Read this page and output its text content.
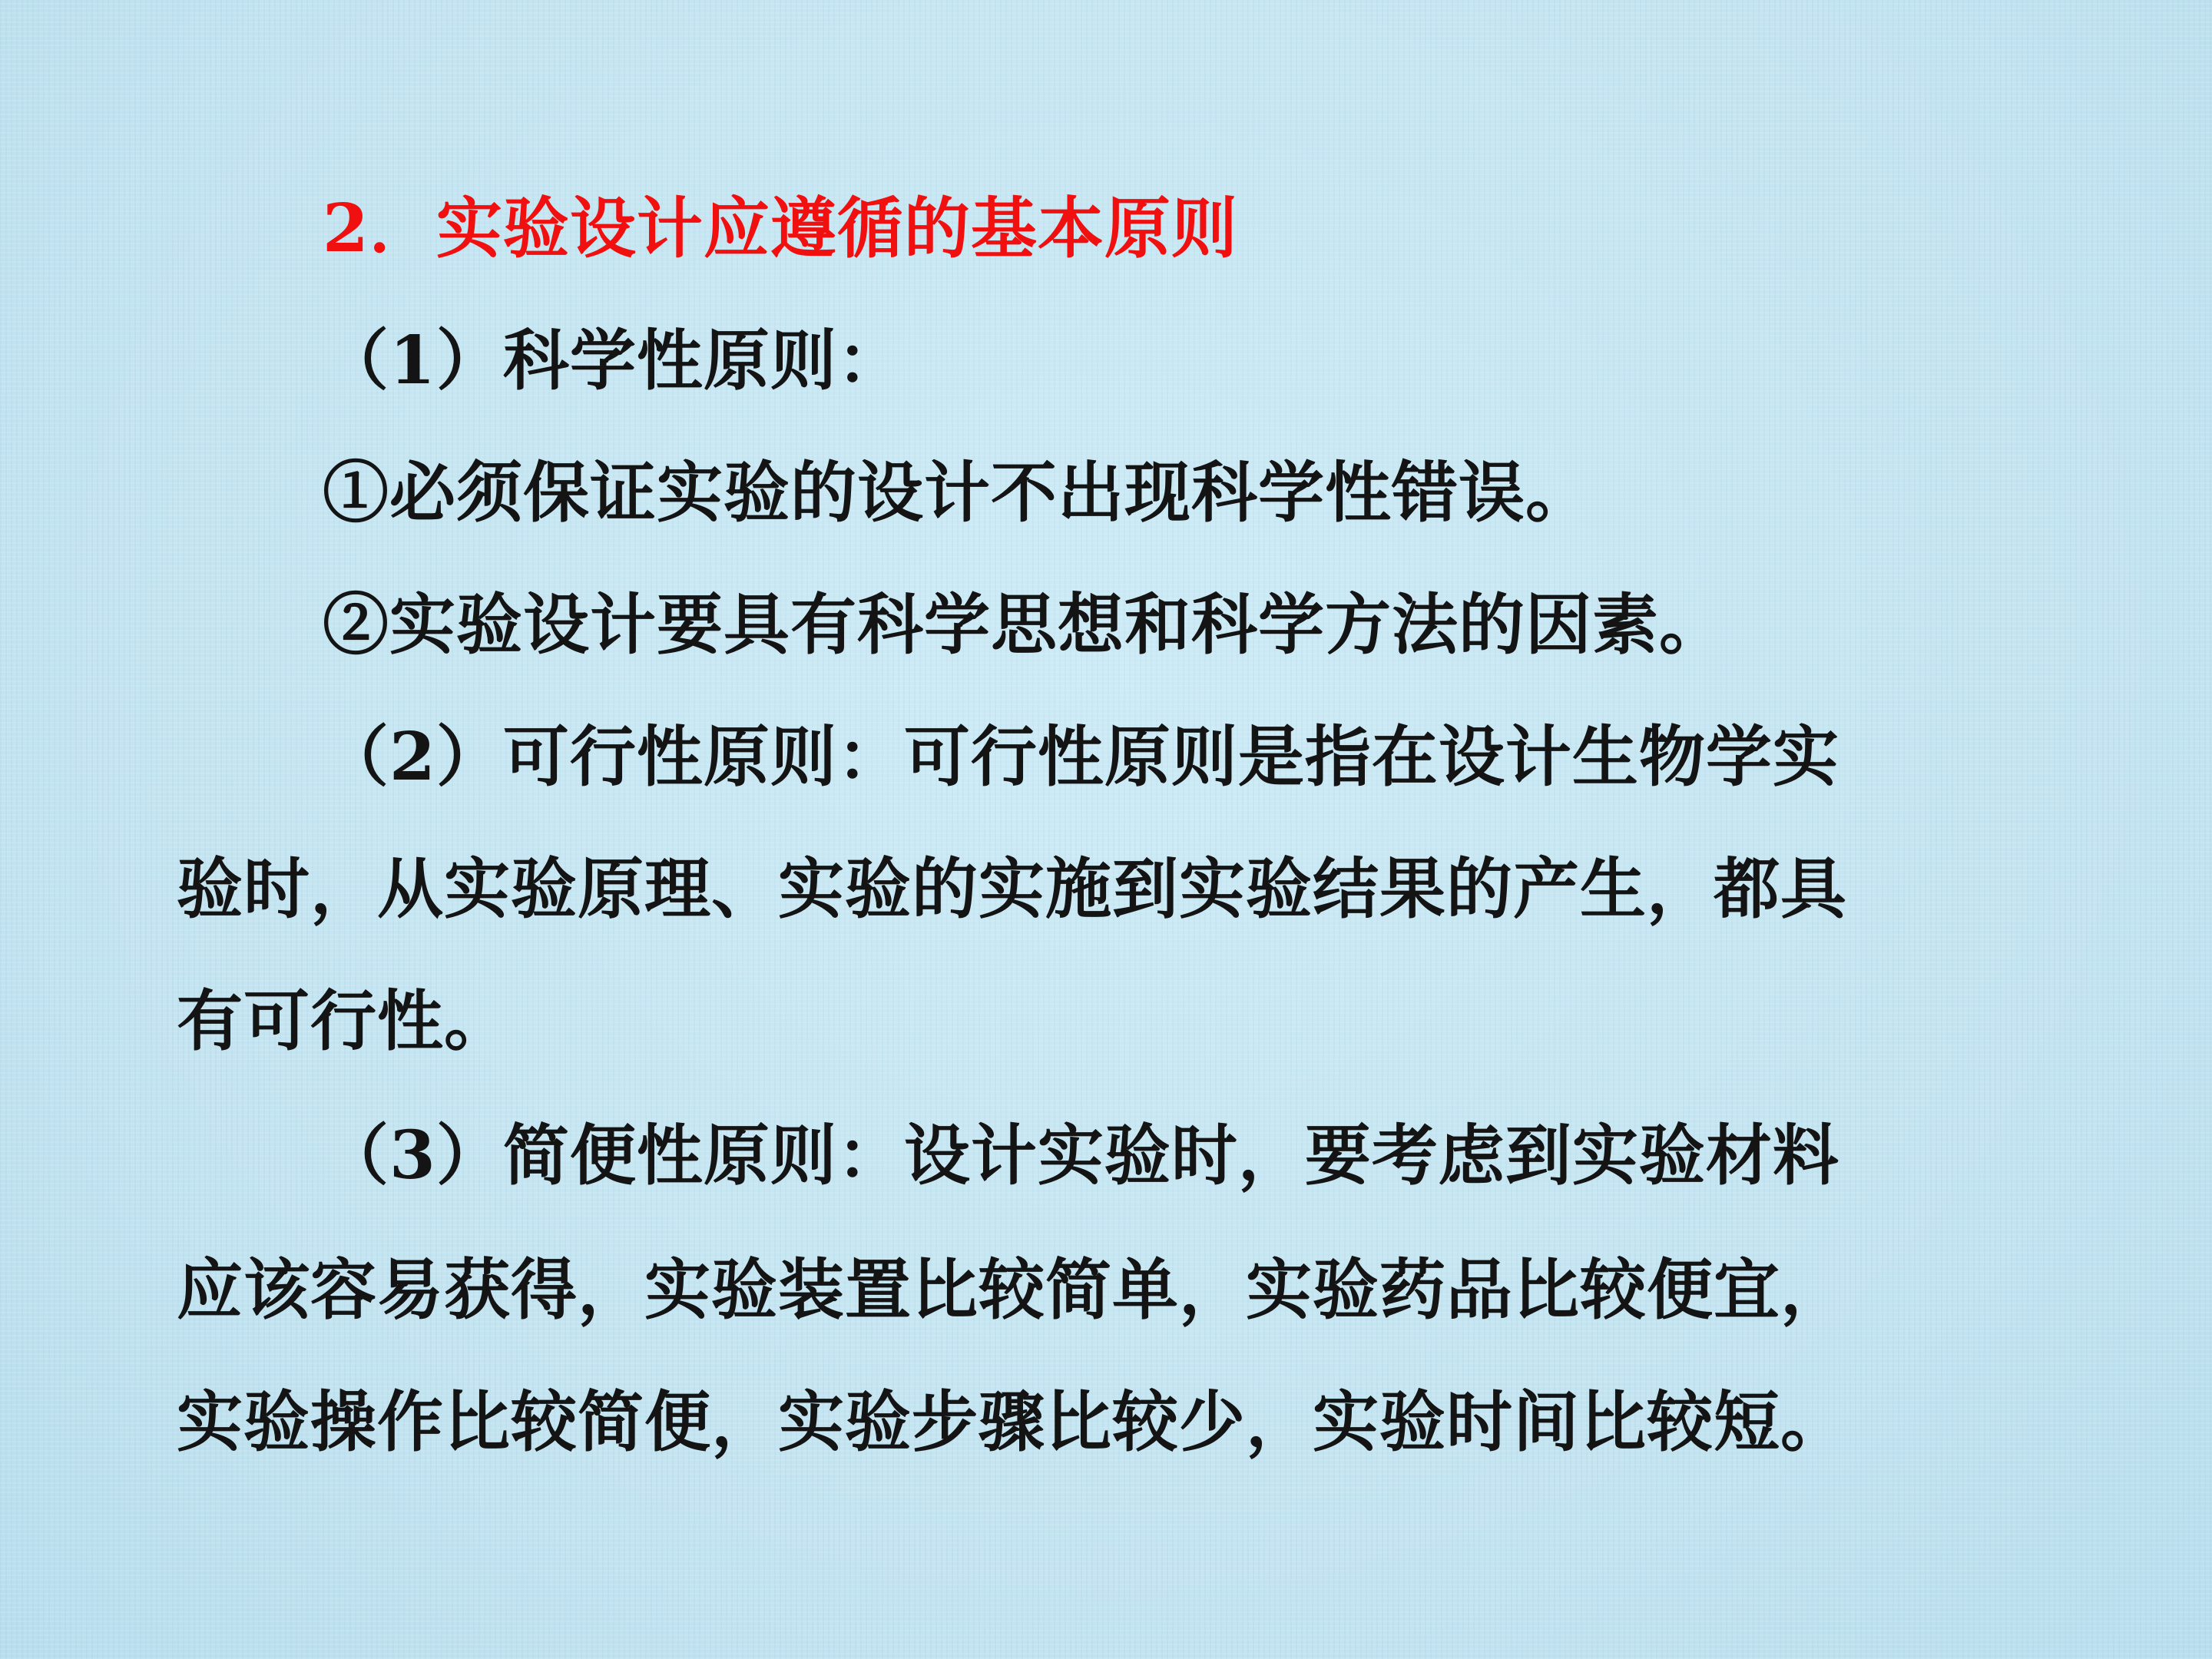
2．实验设计应遵循的基本原则
（1）科学性原则：
①必须保证实验的设计不出现科学性错误。
②实验设计要具有科学思想和科学方法的因素。
（2）可行性原则：可行性原则是指在设计生物学实
验时，从实验原理、实验的实施到实验结果的产生，都具
有可行性。
（3）简便性原则：设计实验时，要考虑到实验材料
应该容易获得，实验装置比较简单，实验药品比较便宜，
实验操作比较简便，实验步骤比较少，实验时间比较短。
